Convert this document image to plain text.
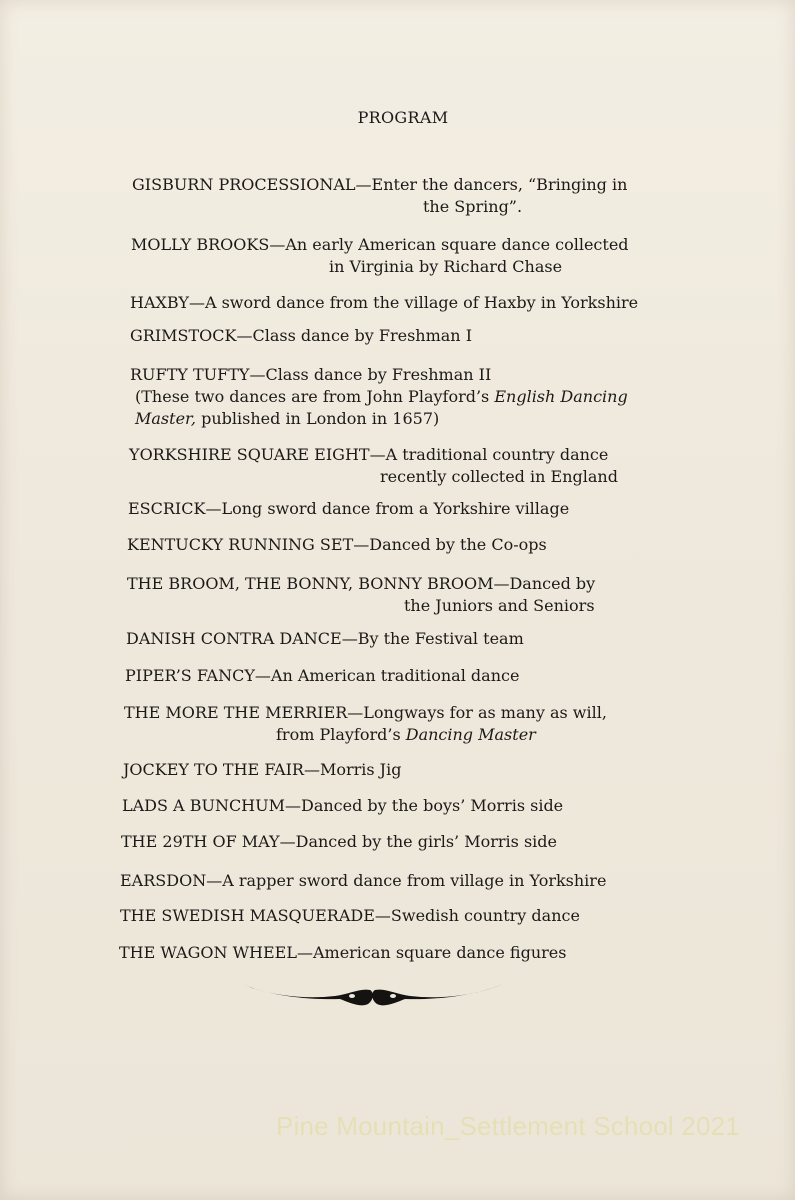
PROGRAM
GISBURN PROCESSIONAL—Enter the dancers, “Bringing in
the Spring”.
MOLLY BROOKS—An early American square dance collected
in Virginia by Richard Chase
HAXBY—A sword dance from the village of Haxby in Yorkshire
GRIMSTOCK—Class dance by Freshman I
RUFTY TUFTY—Class dance by Freshman II
(These two dances are from John Playford’s English Dancing
Master, published in London in 1657)
YORKSHIRE SQUARE EIGHT—A traditional country dance
recently collected in England
ESCRICK—Long sword dance from a Yorkshire village
KENTUCKY RUNNING SET—Danced by the Co-ops
THE BROOM, THE BONNY, BONNY BROOM—Danced by
the Juniors and Seniors
DANISH CONTRA DANCE—By the Festival team
PIPER’S FANCY—An American traditional dance
THE MORE THE MERRIER—Longways for as many as will,
from Playford’s Dancing Master
JOCKEY TO THE FAIR—Morris Jig
LADS A BUNCHUM—Danced by the boys’ Morris side
THE 29TH OF MAY—Danced by the girls’ Morris side
EARSDON—A rapper sword dance from village in Yorkshire
THE SWEDISH MASQUERADE—Swedish country dance
THE WAGON WHEEL—American square dance figures
Pine Mountain_Settlement School 2021
